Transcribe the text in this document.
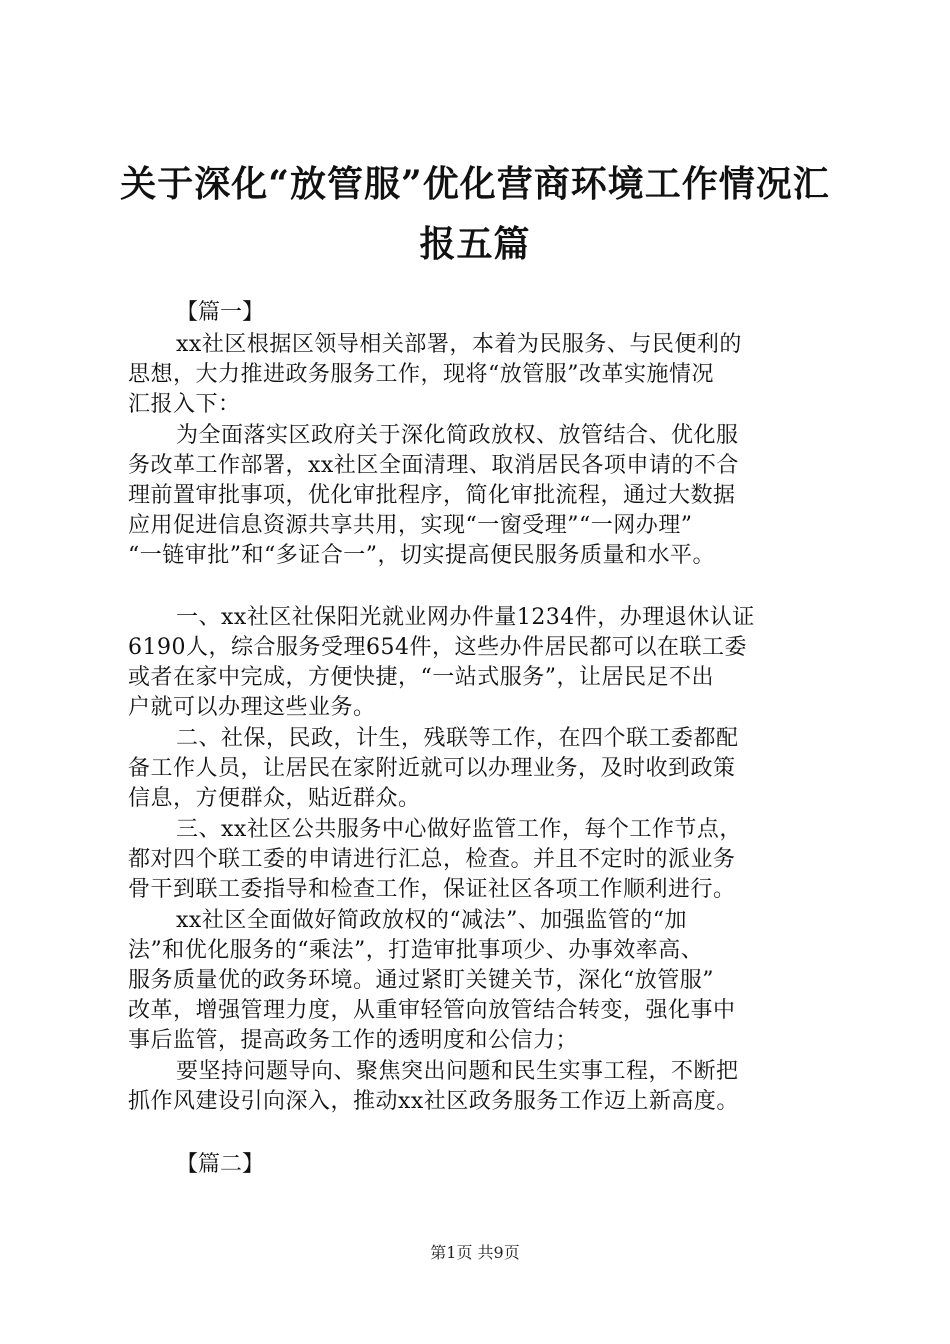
关于深化“放管服”优化营商环境工作情况汇
报五篇
【篇一】
xx社区根据区领导相关部署，本着为民服务、与民便利的
思想，大力推进政务服务工作，现将“放管服”改革实施情况
汇报入下：
为全面落实区政府关于深化简政放权、放管结合、优化服
务改革工作部署，xx社区全面清理、取消居民各项申请的不合
理前置审批事项，优化审批程序，简化审批流程，通过大数据
应用促进信息资源共享共用，实现“一窗受理”“一网办理”
“一链审批”和“多证合一”，切实提高便民服务质量和水平。
一、xx社区社保阳光就业网办件量1234件，办理退休认证
6190人，综合服务受理654件，这些办件居民都可以在联工委
或者在家中完成，方便快捷，“一站式服务”，让居民足不出
户就可以办理这些业务。
二、社保，民政，计生，残联等工作，在四个联工委都配
备工作人员，让居民在家附近就可以办理业务，及时收到政策
信息，方便群众，贴近群众。
三、xx社区公共服务中心做好监管工作，每个工作节点，
都对四个联工委的申请进行汇总，检查。并且不定时的派业务
骨干到联工委指导和检查工作，保证社区各项工作顺利进行。
xx社区全面做好简政放权的“减法”、加强监管的“加
法”和优化服务的“乘法”，打造审批事项少、办事效率高、
服务质量优的政务环境。通过紧盯关键关节，深化“放管服”
改革，增强管理力度，从重审轻管向放管结合转变，强化事中
事后监管，提高政务工作的透明度和公信力；
要坚持问题导向、聚焦突出问题和民生实事工程，不断把
抓作风建设引向深入，推动xx社区政务服务工作迈上新高度。
【篇二】
第1页 共9页
